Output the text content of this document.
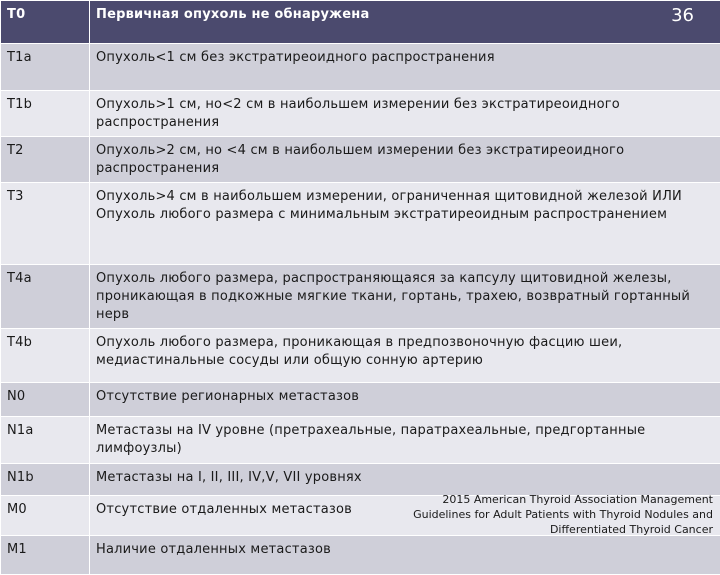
T0	Первичная опухоль не обнаружена
T1a	Опухоль<1 см без экстратиреоидного распространения

T1b	Опухоль>1 см, но<2 см в наибольшем измерении без экстратиреоидного распространения

T2	Опухоль>2 см, но <4 см в наибольшем измерении без экстратиреоидного распространения

T3	Опухоль>4 см в наибольшем измерении, ограниченная щитовидной железой ИЛИ
Опухоль любого размера с минимальным экстратиреоидным распространением

T4a	Опухоль любого размера, распространяющаяся за капсулу щитовидной железы, проникающая в подкожные мягкие ткани, гортань, трахею, возвратный гортанный нерв

T4b	Опухоль любого размера, проникающая в предпозвоночную фасцию шеи, медиастинальные сосуды или общую сонную артерию

N0	Отсутствие регионарных метастазов

N1a	Метастазы на IV уровне (претрахеальные, паратрахеальные, предгортанные лимфоузлы)

N1b	Метастазы на I, II, III, IV,V, VII уровнях

M0	Отсутствие отдаленных метастазов

M1	Наличие отдаленных метастазов
36
2015 American Thyroid Association Management
Guidelines for Adult Patients with Thyroid Nodules and
Differentiated Thyroid Cancer
